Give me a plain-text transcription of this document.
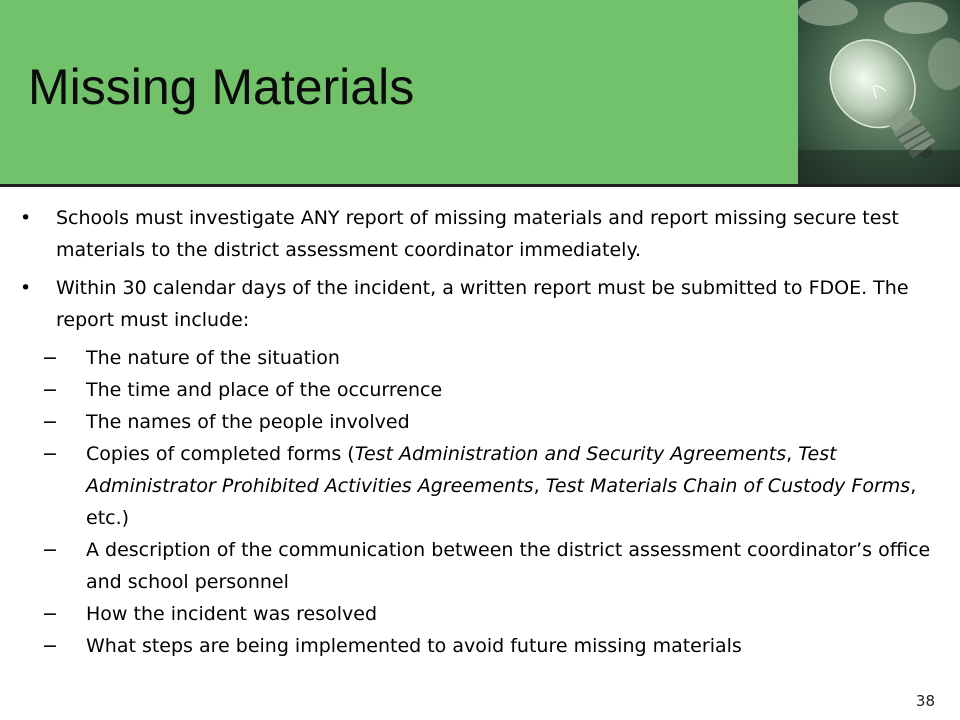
Missing Materials
•	Schools must investigate ANY report of missing materials and report missing secure test materials to the district assessment coordinator immediately.
•	Within 30 calendar days of the incident, a written report must be submitted to FDOE. The report must include:
− The nature of the situation
− The time and place of the occurrence
− The names of the people involved
− Copies of completed forms (Test Administration and Security Agreements, Test Administrator Prohibited Activities Agreements, Test Materials Chain of Custody Forms, etc.)
− A description of the communication between the district assessment coordinator’s office and school personnel
− How the incident was resolved
− What steps are being implemented to avoid future missing materials
38
